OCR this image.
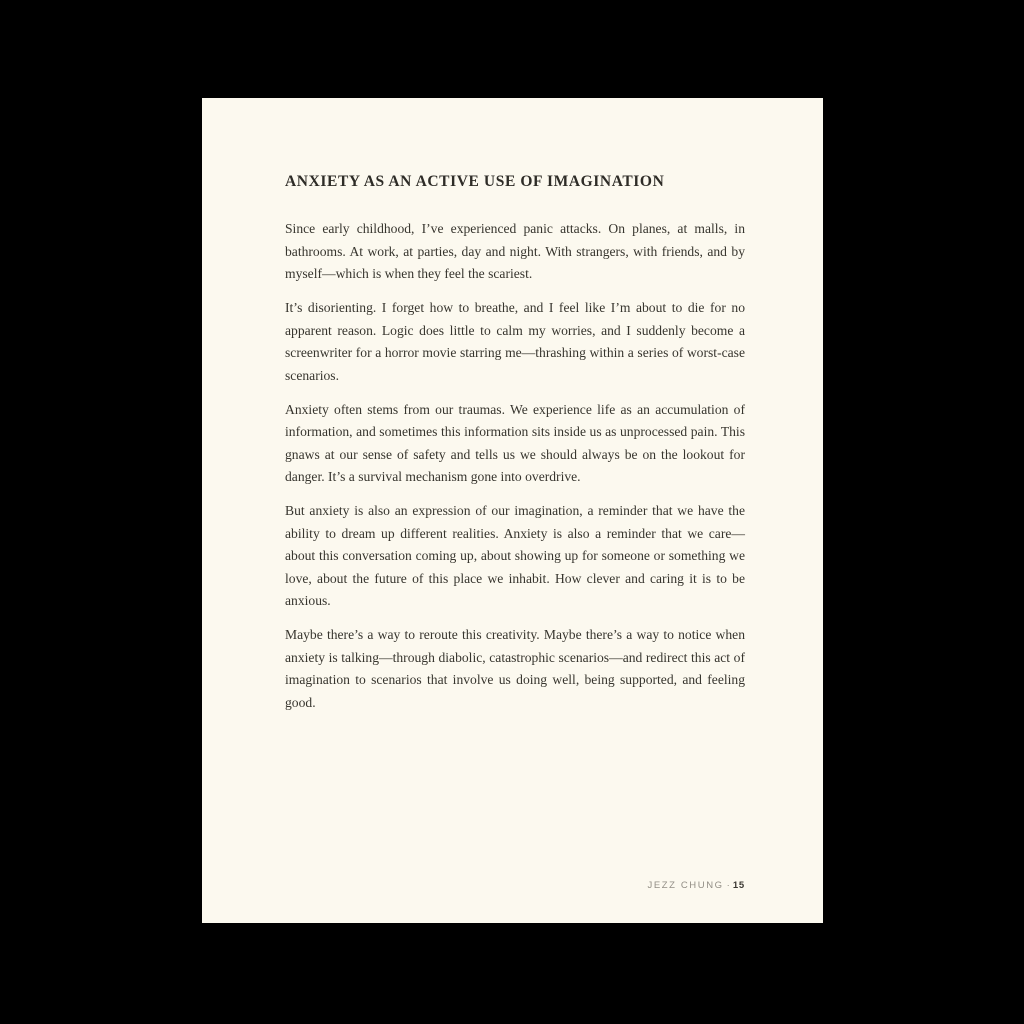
ANXIETY AS AN ACTIVE USE OF IMAGINATION

Since early childhood, I’ve experienced panic attacks. On planes, at malls, in bathrooms. At work, at parties, day and night. With strangers, with friends, and by myself—which is when they feel the scariest.

It’s disorienting. I forget how to breathe, and I feel like I’m about to die for no apparent reason. Logic does little to calm my worries, and I suddenly become a screenwriter for a horror movie starring me—thrashing within a series of worst-case scenarios.

Anxiety often stems from our traumas. We experience life as an accumulation of information, and sometimes this information sits inside us as unprocessed pain. This gnaws at our sense of safety and tells us we should always be on the lookout for danger. It’s a survival mechanism gone into overdrive.

But anxiety is also an expression of our imagination, a reminder that we have the ability to dream up different realities. Anxiety is also a reminder that we care—about this conversation coming up, about showing up for someone or something we love, about the future of this place we inhabit. How clever and caring it is to be anxious.

Maybe there’s a way to reroute this creativity. Maybe there’s a way to notice when anxiety is talking—through diabolic, catastrophic scenarios—and redirect this act of imagination to scenarios that involve us doing well, being supported, and feeling good.

JEZZ CHUNG · 15
